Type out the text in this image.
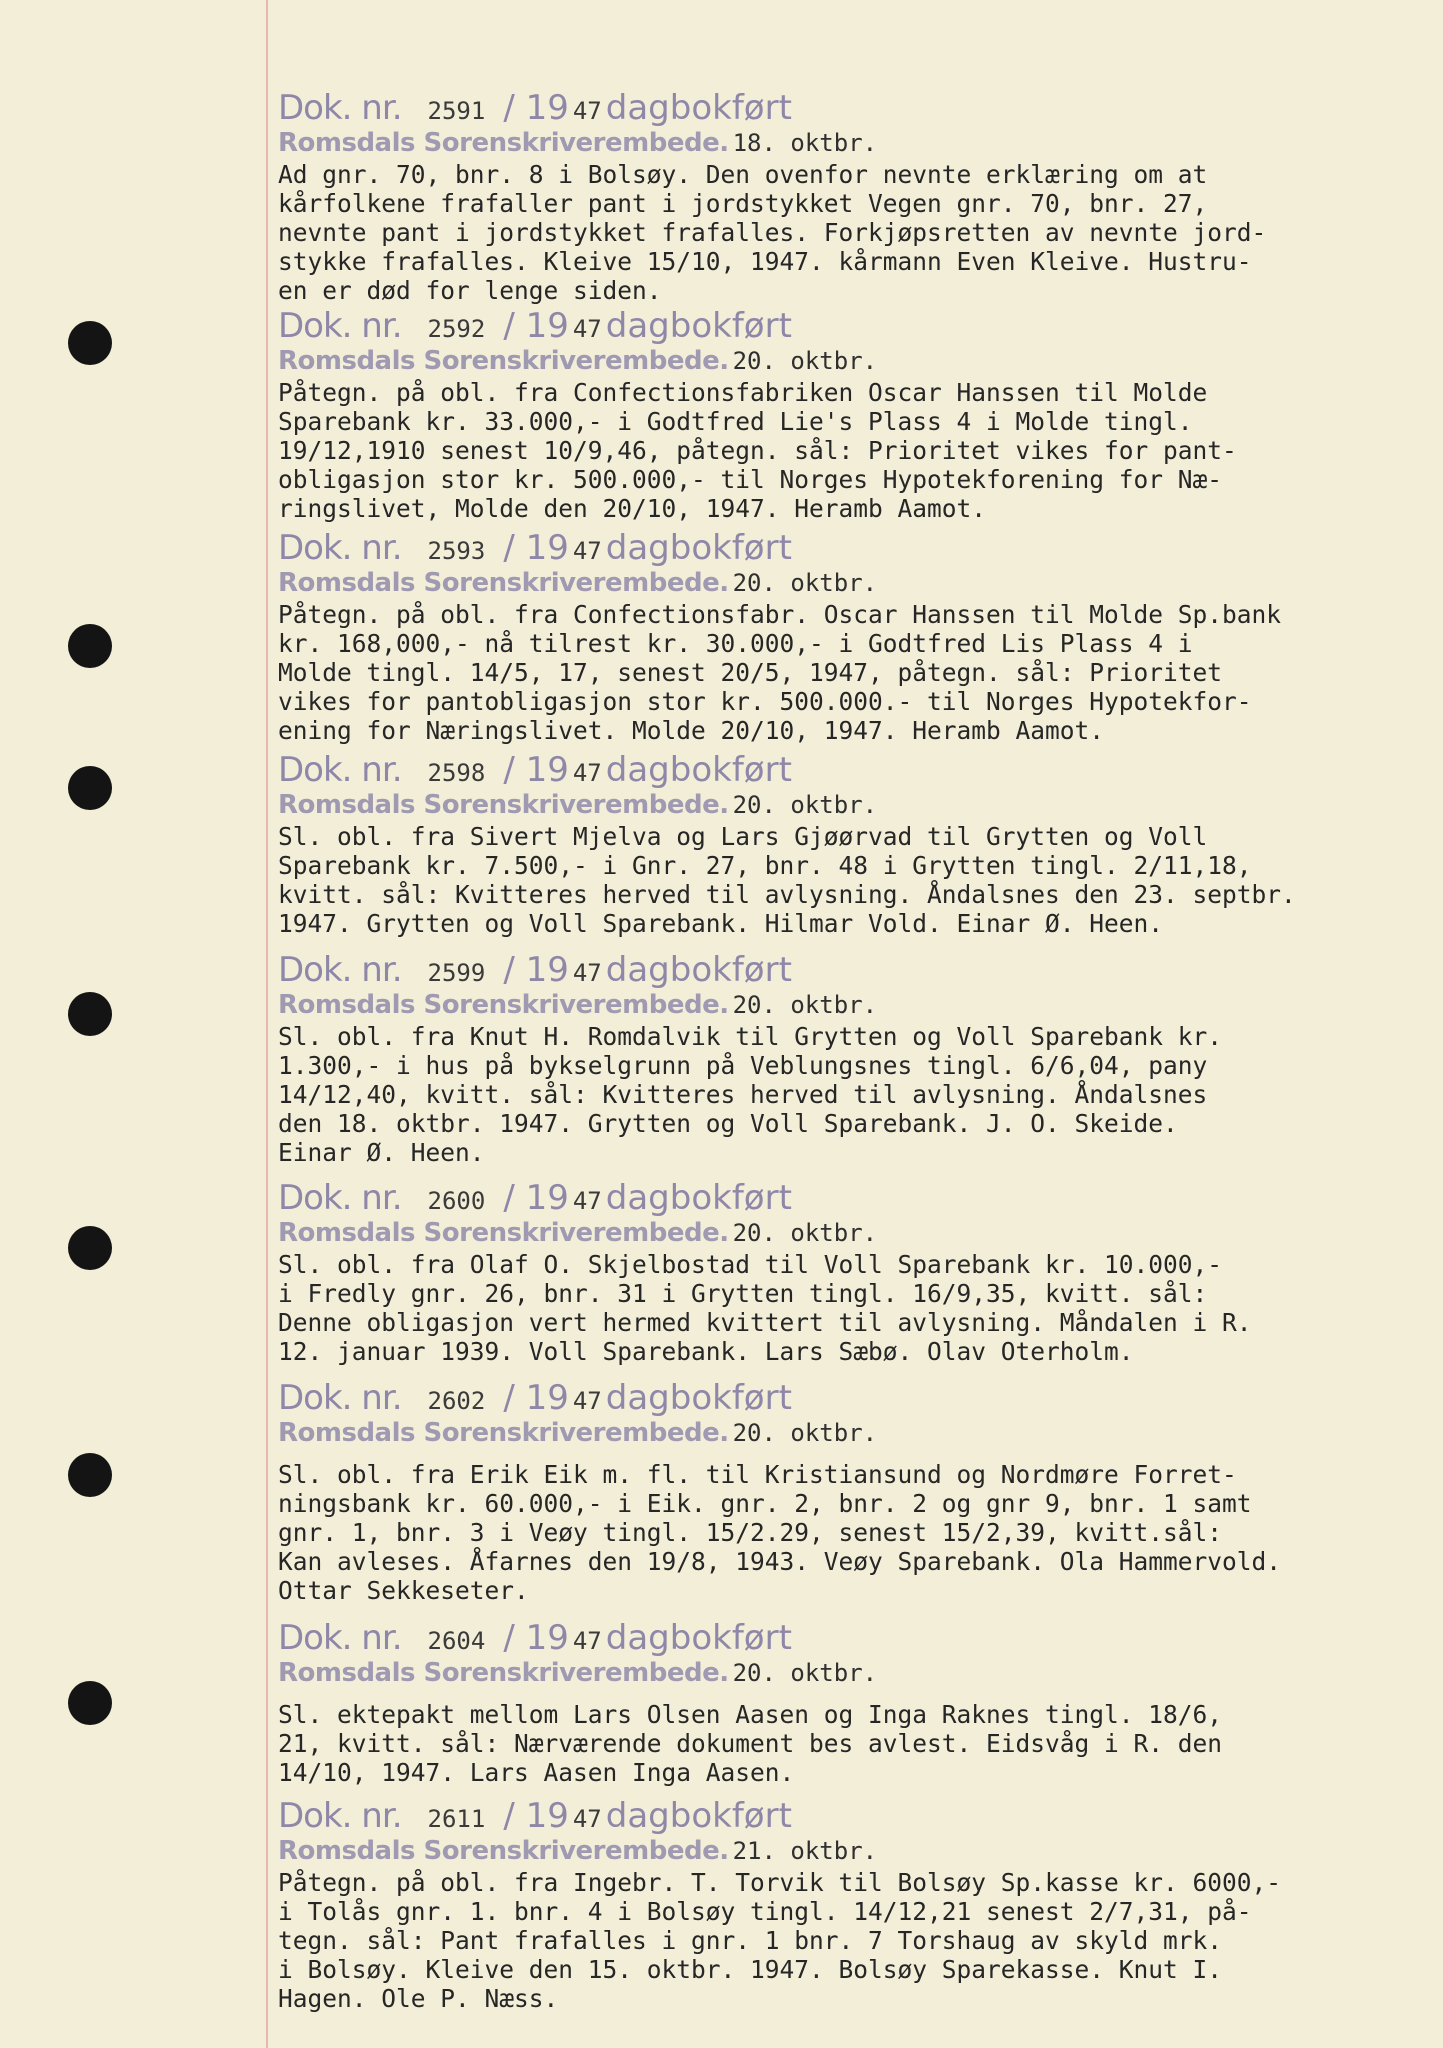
Dok. nr. 2591 / 19 47 dagbokført
Romsdals Sorenskriverembede. 18. oktbr.
Ad gnr. 70, bnr. 8 i Bolsøy. Den ovenfor nevnte erklæring om at
kårfolkene frafaller pant i jordstykket Vegen gnr. 70, bnr. 27,
nevnte pant i jordstykket frafalles. Forkjøpsretten av nevnte jord-
stykke frafalles. Kleive 15/10, 1947. kårmann Even Kleive. Hustru-
en er død for lenge siden.
Dok. nr. 2592 / 19 47 dagbokført
Romsdals Sorenskriverembede. 20. oktbr.
Påtegn. på obl. fra Confectionsfabriken Oscar Hanssen til Molde
Sparebank kr. 33.000,- i Godtfred Lie's Plass 4 i Molde tingl.
19/12,1910 senest 10/9,46, påtegn. sål: Prioritet vikes for pant-
obligasjon stor kr. 500.000,- til Norges Hypotekforening for Næ-
ringslivet, Molde den 20/10, 1947. Heramb Aamot.
Dok. nr. 2593 / 19 47 dagbokført
Romsdals Sorenskriverembede. 20. oktbr.
Påtegn. på obl. fra Confectionsfabr. Oscar Hanssen til Molde Sp.bank
kr. 168,000,- nå tilrest kr. 30.000,- i Godtfred Lis Plass 4 i
Molde tingl. 14/5, 17, senest 20/5, 1947, påtegn. sål: Prioritet
vikes for pantobligasjon stor kr. 500.000.- til Norges Hypotekfor-
ening for Næringslivet. Molde 20/10, 1947. Heramb Aamot.
Dok. nr. 2598 / 19 47 dagbokført
Romsdals Sorenskriverembede. 20. oktbr.
Sl. obl. fra Sivert Mjelva og Lars Gjøørvad til Grytten og Voll
Sparebank kr. 7.500,- i Gnr. 27, bnr. 48 i Grytten tingl. 2/11,18,
kvitt. sål: Kvitteres herved til avlysning. Åndalsnes den 23. septbr.
1947. Grytten og Voll Sparebank. Hilmar Vold. Einar Ø. Heen.
Dok. nr. 2599 / 19 47 dagbokført
Romsdals Sorenskriverembede. 20. oktbr.
Sl. obl. fra Knut H. Romdalvik til Grytten og Voll Sparebank kr.
1.300,- i hus på bykselgrunn på Veblungsnes tingl. 6/6,04, pany
14/12,40, kvitt. sål: Kvitteres herved til avlysning. Åndalsnes
den 18. oktbr. 1947. Grytten og Voll Sparebank. J. O. Skeide.
Einar Ø. Heen.
Dok. nr. 2600 / 19 47 dagbokført
Romsdals Sorenskriverembede. 20. oktbr.
Sl. obl. fra Olaf O. Skjelbostad til Voll Sparebank kr. 10.000,-
i Fredly gnr. 26, bnr. 31 i Grytten tingl. 16/9,35, kvitt. sål:
Denne obligasjon vert hermed kvittert til avlysning. Måndalen i R.
12. januar 1939. Voll Sparebank. Lars Sæbø. Olav Oterholm.
Dok. nr. 2602 / 19 47 dagbokført
Romsdals Sorenskriverembede. 20. oktbr.
Sl. obl. fra Erik Eik m. fl. til Kristiansund og Nordmøre Forret-
ningsbank kr. 60.000,- i Eik. gnr. 2, bnr. 2 og gnr 9, bnr. 1 samt
gnr. 1, bnr. 3 i Veøy tingl. 15/2.29, senest 15/2,39, kvitt.sål:
Kan avleses. Åfarnes den 19/8, 1943. Veøy Sparebank. Ola Hammervold.
Ottar Sekkeseter.
Dok. nr. 2604 / 19 47 dagbokført
Romsdals Sorenskriverembede. 20. oktbr.
Sl. ektepakt mellom Lars Olsen Aasen og Inga Raknes tingl. 18/6,
21, kvitt. sål: Nærværende dokument bes avlest. Eidsvåg i R. den
14/10, 1947. Lars Aasen Inga Aasen.
Dok. nr. 2611 / 19 47 dagbokført
Romsdals Sorenskriverembede. 21. oktbr.
Påtegn. på obl. fra Ingebr. T. Torvik til Bolsøy Sp.kasse kr. 6000,-
i Tolås gnr. 1. bnr. 4 i Bolsøy tingl. 14/12,21 senest 2/7,31, på-
tegn. sål: Pant frafalles i gnr. 1 bnr. 7 Torshaug av skyld mrk.
i Bolsøy. Kleive den 15. oktbr. 1947. Bolsøy Sparekasse. Knut I.
Hagen. Ole P. Næss.
